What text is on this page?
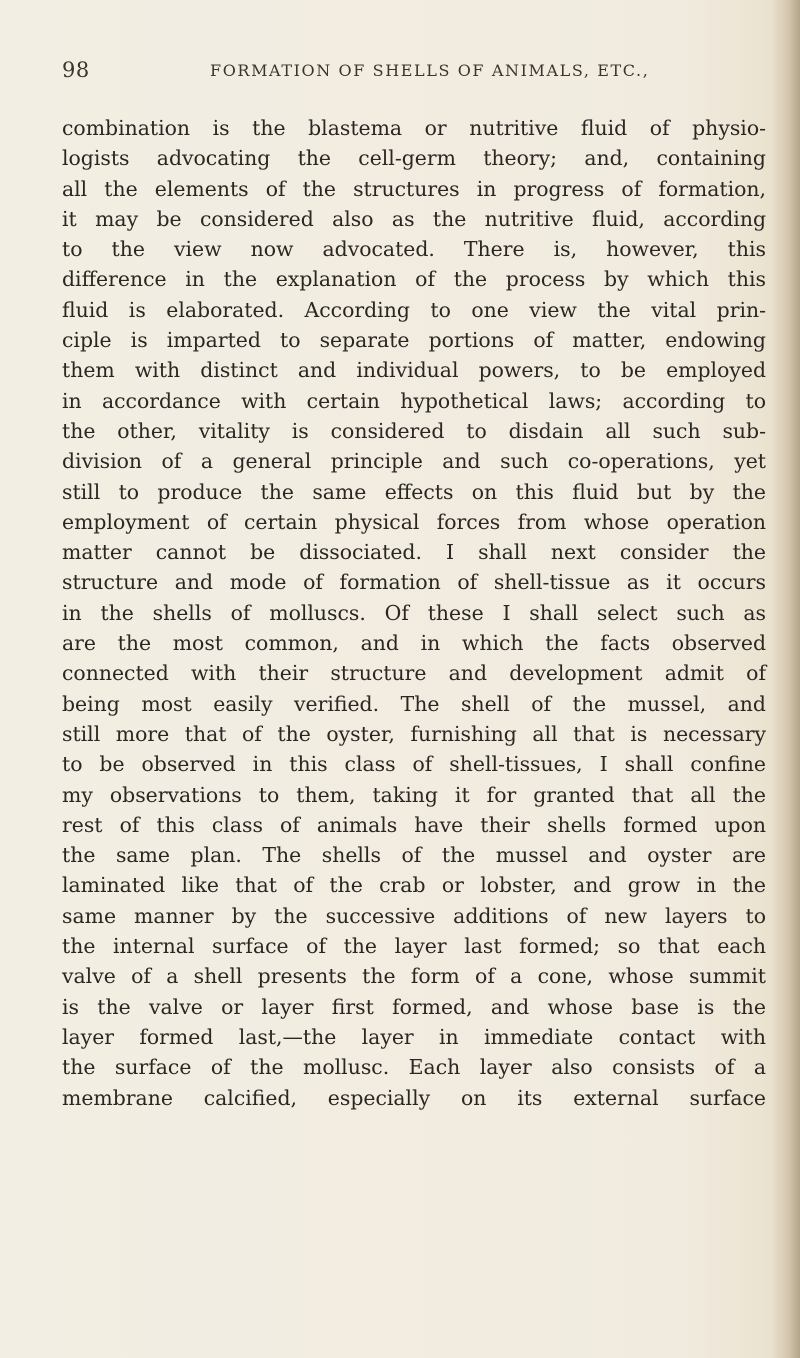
98	FORMATION OF SHELLS OF ANIMALS, ETC.,
combination is the blastema or nutritive fluid of physio-
logists advocating the cell-germ theory; and, containing
all the elements of the structures in progress of formation,
it may be considered also as the nutritive fluid, according
to the view now advocated. There is, however, this
difference in the explanation of the process by which this
fluid is elaborated. According to one view the vital prin-
ciple is imparted to separate portions of matter, endowing
them with distinct and individual powers, to be employed
in accordance with certain hypothetical laws; according to
the other, vitality is considered to disdain all such sub-
division of a general principle and such co-operations, yet
still to produce the same effects on this fluid but by the
employment of certain physical forces from whose operation
matter cannot be dissociated. I shall next consider the
structure and mode of formation of shell-tissue as it occurs
in the shells of molluscs. Of these I shall select such as
are the most common, and in which the facts observed
connected with their structure and development admit of
being most easily verified. The shell of the mussel, and
still more that of the oyster, furnishing all that is necessary
to be observed in this class of shell-tissues, I shall confine
my observations to them, taking it for granted that all the
rest of this class of animals have their shells formed upon
the same plan. The shells of the mussel and oyster are
laminated like that of the crab or lobster, and grow in the
same manner by the successive additions of new layers to
the internal surface of the layer last formed; so that each
valve of a shell presents the form of a cone, whose summit
is the valve or layer first formed, and whose base is the
layer formed last,—the layer in immediate contact with
the surface of the mollusc. Each layer also consists of a
membrane calcified, especially on its external surface
